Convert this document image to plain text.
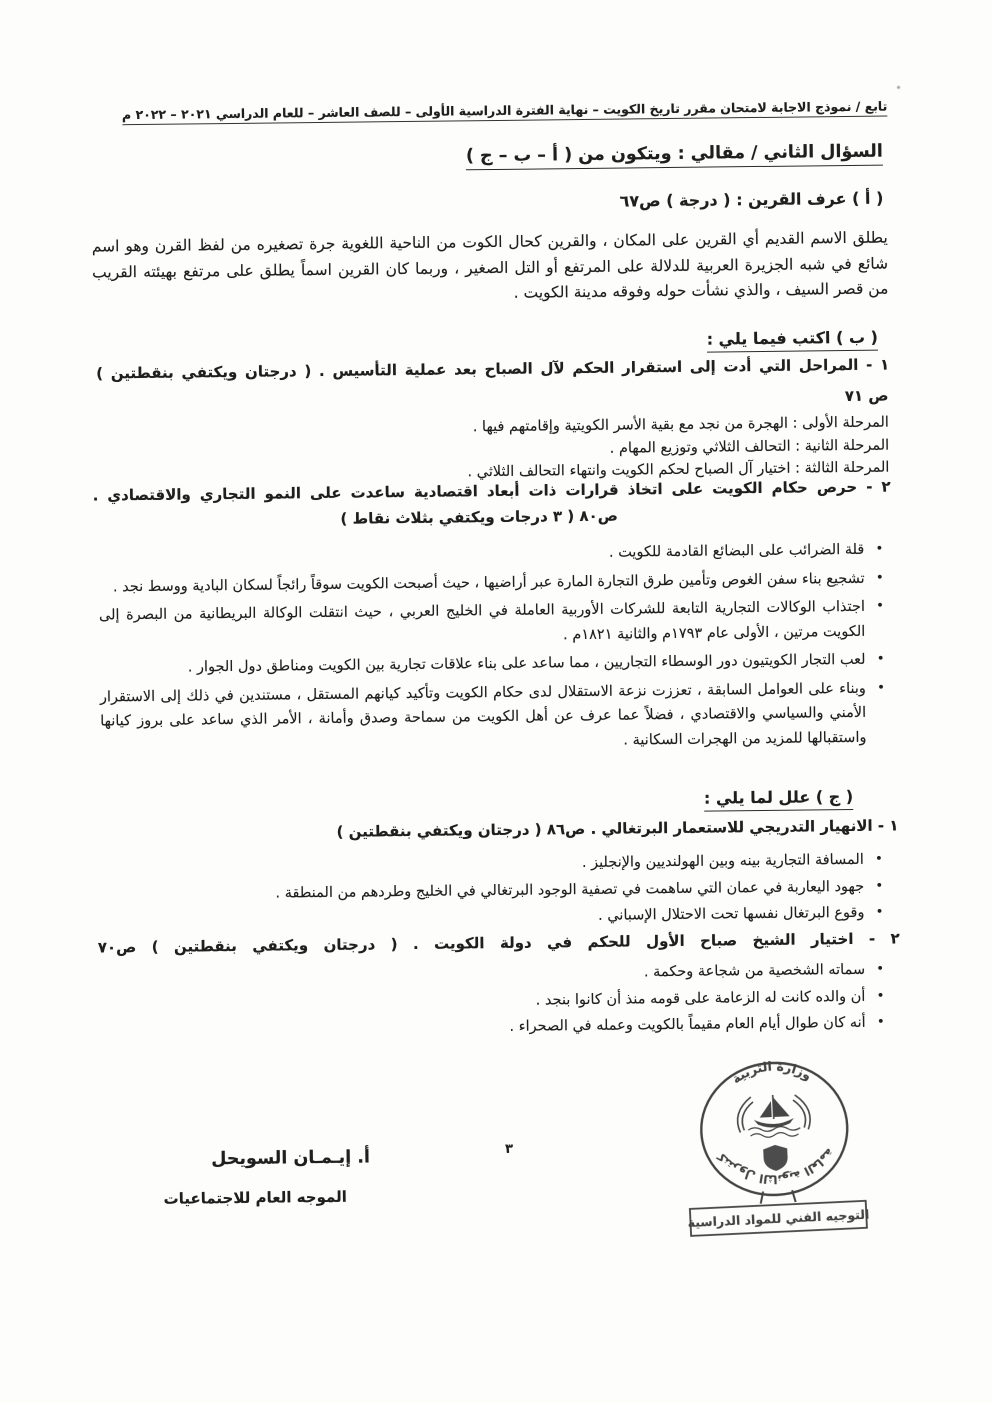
تابع / نموذج الاجابة لامتحان مقرر تاريخ الكويت – نهاية الفترة الدراسية الأولى – للصف العاشر – للعام الدراسي ٢٠٢١ – ٢٠٢٢ م
السؤال الثاني / مقالي : ويتكون من ( أ – ب – ج )
( أ ) عرف القرين : ( درجة ) ص٦٧

يطلق الاسم القديم أي القرين على المكان ، والقرين كحال الكوت من الناحية اللغوية جرة تصغيره من لفظ القرن وهو اسم شائع في شبه الجزيرة العربية للدلالة على المرتفع أو التل الصغير ، وربما كان القرين اسماً يطلق على مرتفع بهيئته القريب من قصر السيف ، والذي نشأت حوله وفوقه مدينة الكويت .

( ب ) اكتب فيما يلي :
١ - المراحل التي أدت إلى استقرار الحكم لآل الصباح بعد عملية التأسيس . ( درجتان ويكتفي بنقطتين )
ص ٧١
المرحلة الأولى : الهجرة من نجد مع بقية الأسر الكويتية وإقامتهم فيها .
المرحلة الثانية : التحالف الثلاثي وتوزيع المهام .
المرحلة الثالثة : اختيار آل الصباح لحكم الكويت وانتهاء التحالف الثلاثي .
٢ - حرص حكام الكويت على اتخاذ قرارات ذات أبعاد اقتصادية ساعدت على النمو التجاري والاقتصادي .
ص٨٠ ( ٣ درجات ويكتفي بثلاث نقاط )
• قلة الضرائب على البضائع القادمة للكويت .
• تشجيع بناء سفن الغوص وتأمين طرق التجارة المارة عبر أراضيها ، حيث أصبحت الكويت سوقاً رائجاً لسكان البادية ووسط نجد .
• اجتذاب الوكالات التجارية التابعة للشركات الأوربية العاملة في الخليج العربي ، حيث انتقلت الوكالة البريطانية من البصرة إلى الكويت مرتين ، الأولى عام ١٧٩٣م والثانية ١٨٢١م .
• لعب التجار الكويتيون دور الوسطاء التجاريين ، مما ساعد على بناء علاقات تجارية بين الكويت ومناطق دول الجوار .
• وبناء على العوامل السابقة ، تعززت نزعة الاستقلال لدى حكام الكويت وتأكيد كيانهم المستقل ، مستندين في ذلك إلى الاستقرار الأمني والسياسي والاقتصادي ، فضلاً عما عرف عن أهل الكويت من سماحة وصدق وأمانة ، الأمر الذي ساعد على بروز كيانها واستقبالها للمزيد من الهجرات السكانية .
( ج ) علل لما يلي :
١ - الانهيار التدريجي للاستعمار البرتغالي . ص٨٦ ( درجتان ويكتفي بنقطتين )
• المسافة التجارية بينه وبين الهولنديين والإنجليز .
• جهود اليعاربة في عمان التي ساهمت في تصفية الوجود البرتغالي في الخليج وطردهم من المنطقة .
• وقوع البرتغال نفسها تحت الاحتلال الإسباني .
٢ - اختيار الشيخ صباح الأول للحكم في دولة الكويت . ( درجتان ويكتفي بنقطتين ) ص٧٠
• سماته الشخصية من شجاعة وحكمة .
• أن والده كانت له الزعامة على قومه منذ أن كانوا بنجد .
• أنه كان طوال أيام العام مقيماً بالكويت وعمله في الصحراء .
٣
وزارة التربية
كنترول الثانوية العامة
التوجيه الفني للمواد الدراسية
أ. إيـمـان السويحل
الموجه العام للاجتماعيات
